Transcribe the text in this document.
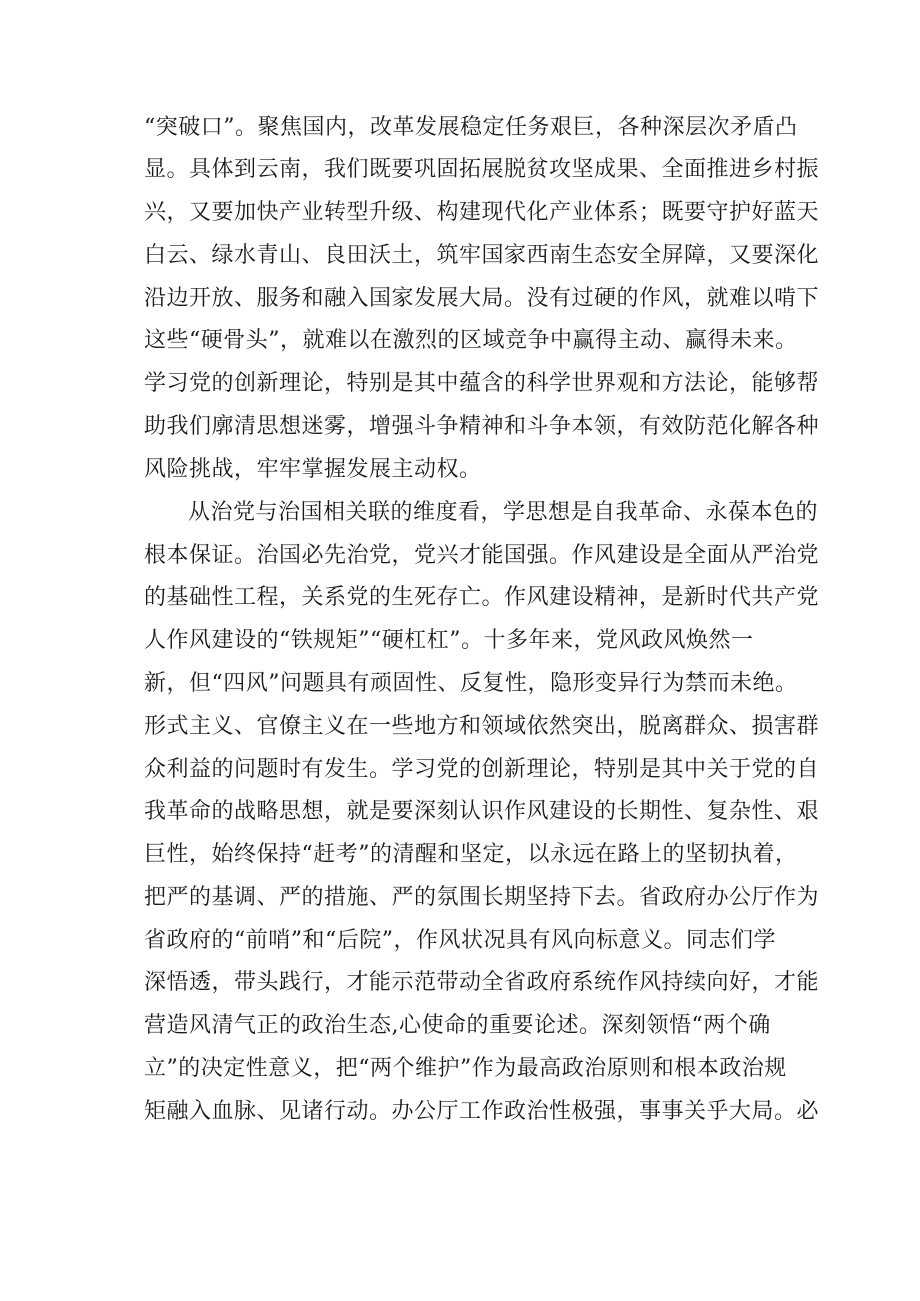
“突破口”。聚焦国内，改革发展稳定任务艰巨，各种深层次矛盾凸
显。具体到云南，我们既要巩固拓展脱贫攻坚成果、全面推进乡村振
兴，又要加快产业转型升级、构建现代化产业体系；既要守护好蓝天
白云、绿水青山、良田沃土，筑牢国家西南生态安全屏障，又要深化
沿边开放、服务和融入国家发展大局。没有过硬的作风，就难以啃下
这些“硬骨头”，就难以在激烈的区域竞争中赢得主动、赢得未来。
学习党的创新理论，特别是其中蕴含的科学世界观和方法论，能够帮
助我们廓清思想迷雾，增强斗争精神和斗争本领，有效防范化解各种
风险挑战，牢牢掌握发展主动权。
从治党与治国相关联的维度看，学思想是自我革命、永葆本色的
根本保证。治国必先治党，党兴才能国强。作风建设是全面从严治党
的基础性工程，关系党的生死存亡。作风建设精神，是新时代共产党
人作风建设的“铁规矩”“硬杠杠”。十多年来，党风政风焕然一
新，但“四风”问题具有顽固性、反复性，隐形变异行为禁而未绝。
形式主义、官僚主义在一些地方和领域依然突出，脱离群众、损害群
众利益的问题时有发生。学习党的创新理论，特别是其中关于党的自
我革命的战略思想，就是要深刻认识作风建设的长期性、复杂性、艰
巨性，始终保持“赶考”的清醒和坚定，以永远在路上的坚韧执着，
把严的基调、严的措施、严的氛围长期坚持下去。省政府办公厅作为
省政府的“前哨”和“后院”，作风状况具有风向标意义。同志们学
深悟透，带头践行，才能示范带动全省政府系统作风持续向好，才能
营造风清气正的政治生态,心使命的重要论述。深刻领悟“两个确
立”的决定性意义，把“两个维护”作为最高政治原则和根本政治规
矩融入血脉、见诸行动。办公厅工作政治性极强，事事关乎大局。必
